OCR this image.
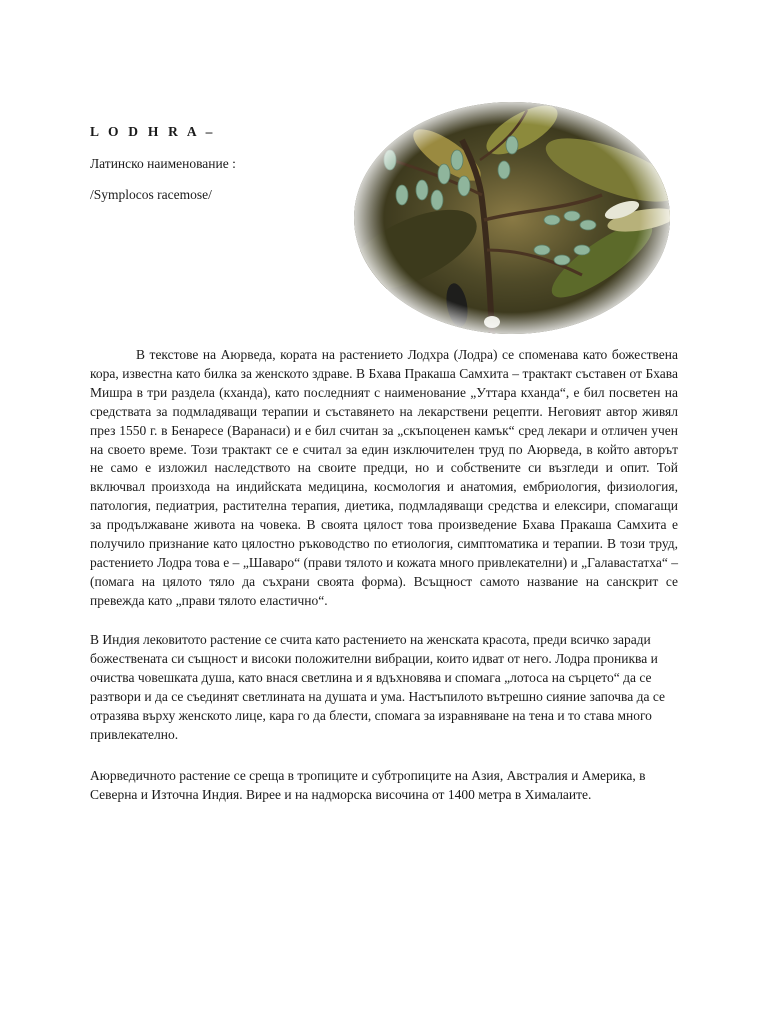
L O D H R A –
Латинско наименование :
/Symplocos racemose/

В текстове на Аюрведа, кората на растението Лодхра (Лодра) се споменава като божествена кора, известна като билка за женското здраве. В Бхава Пракаша Самхита – трактакт съставен от Бхава Мишра в три раздела (кханда), като последният с наименование „Уттара кханда“, е бил посветен на средствата за подмладяващи терапии и съставянето на лекарствени рецепти. Неговият автор живял през 1550 г. в Бенаресе (Варанаси) и е бил считан за „скъпоценен камък“ сред лекари и отличен учен на своето време. Този трактакт се е считал за един изключителен труд по Аюрведа, в който авторът не само е изложил наследството на своите предци, но и собствените си възгледи и опит. Той включвал произхода на индийската медицина, космология и анатомия, ембриология, физиология, патология, педиатрия, растителна терапия, диетика, подмладяващи средства и елексири, спомагащи за продължаване живота на човека. В своята цялост това произведение Бхава Пракаша Самхита е получило признание като цялостно ръководство по етиология, симптоматика и терапии. В този труд, растението Лодра това е – „Шаваро“ (прави тялото и кожата много привлекателни) и „Галавастатха“ – (помага на цялото тяло да съхрани своята форма). Всъщност самото название на санскрит се превежда като „прави тялото еластично“.

В Индия лековитото растение се счита като растението на женската красота, преди всичко заради божествената си същност и високи положителни вибрации, които идват от него. Лодра прониква и очиства човешката душа, като внася светлина и я вдъхновява и спомага „лотоса на сърцето“ да се разтвори и да се съединят светлината на душата и ума. Настъпилото вътрешно сияние започва да се отразява върху женското лице, кара го да блести, спомага за изравняване на тена и то става много привлекателно.

Аюрведичното растение се среща в тропиците и субтропиците на Азия, Австралия и Америка, в Северна и Източна Индия. Вирее и на надморска височина от 1400 метра в Хималаите.
